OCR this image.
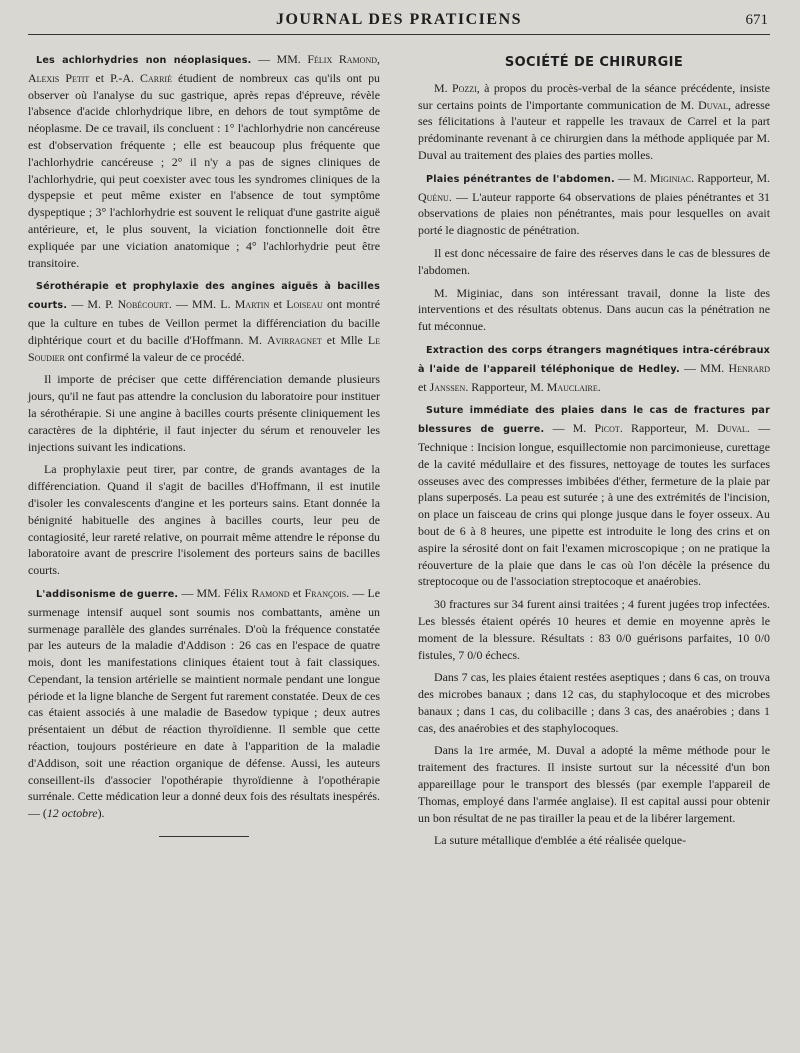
JOURNAL DES PRATICIENS	671

Les achlorhydries non néoplasiques. — MM. Félix Ramond, Alexis Petit et P.-A. Carrié étudient de nombreux cas qu'ils ont pu observer où l'analyse du suc gastrique, après repas d'épreuve, révèle l'absence d'acide chlorhydrique libre, en dehors de tout symptôme de néoplasme. De ce travail, ils concluent : 1° l'achlorhydrie non cancéreuse est d'observation fréquente ; elle est beaucoup plus fréquente que l'achlorhydrie cancéreuse ; 2° il n'y a pas de signes cliniques de l'achlorhydrie, qui peut coexister avec tous les syndromes cliniques de la dyspepsie et peut même exister en l'absence de tout symptôme dyspeptique ; 3° l'achlorhydrie est souvent le reliquat d'une gastrite aiguë antérieure, et, le plus souvent, la viciation fonctionnelle doit être expliquée par une viciation anatomique ; 4° l'achlorhydrie peut être transitoire.

Sérothérapie et prophylaxie des angines aiguës à bacilles courts. — M. P. Nobécourt. — MM. L. Martin et Loiseau ont montré que la culture en tubes de Veillon permet la différenciation du bacille diphtérique court et du bacille d'Hoffmann. M. Avirragnet et Mlle Le Soudier ont confirmé la valeur de ce procédé.

Il importe de préciser que cette différenciation demande plusieurs jours, qu'il ne faut pas attendre la conclusion du laboratoire pour instituer la sérothérapie. Si une angine à bacilles courts présente cliniquement les caractères de la diphtérie, il faut injecter du sérum et renouveler les injections suivant les indications.

La prophylaxie peut tirer, par contre, de grands avantages de la différenciation. Quand il s'agit de bacilles d'Hoffmann, il est inutile d'isoler les convalescents d'angine et les porteurs sains. Etant donnée la bénignité habituelle des angines à bacilles courts, leur peu de contagiosité, leur rareté relative, on pourrait même attendre le réponse du laboratoire avant de prescrire l'isolement des porteurs sains de bacilles courts.

L'addisonisme de guerre. — MM. Félix Ramond et François. — Le surmenage intensif auquel sont soumis nos combattants, amène un surmenage parallèle des glandes surrénales. D'où la fréquence constatée par les auteurs de la maladie d'Addison : 26 cas en l'espace de quatre mois, dont les manifestations cliniques étaient tout à fait classiques. Cependant, la tension artérielle se maintient normale pendant une longue période et la ligne blanche de Sergent fut rarement constatée. Deux de ces cas étaient associés à une maladie de Basedow typique ; deux autres présentaient un début de réaction thyroïdienne. Il semble que cette réaction, toujours postérieure en date à l'apparition de la maladie d'Addison, soit une réaction organique de défense. Aussi, les auteurs conseillent-ils d'associer l'opothérapie thyroïdienne à l'opothérapie surrénale. Cette médication leur a donné deux fois des résultats inespérés. — (12 octobre).

SOCIÉTÉ DE CHIRURGIE

M. Pozzi, à propos du procès-verbal de la séance précédente, insiste sur certains points de l'importante communication de M. Duval, adresse ses félicitations à l'auteur et rappelle les travaux de Carrel et la part prédominante revenant à ce chirurgien dans la méthode appliquée par M. Duval au traitement des plaies des parties molles.

Plaies pénétrantes de l'abdomen. — M. Miginiac. Rapporteur, M. Quénu. — L'auteur rapporte 64 observations de plaies pénétrantes et 31 observations de plaies non pénétrantes, mais pour lesquelles on avait porté le diagnostic de pénétration.

Il est donc nécessaire de faire des réserves dans le cas de blessures de l'abdomen.

M. Miginiac, dans son intéressant travail, donne la liste des interventions et des résultats obtenus. Dans aucun cas la pénétration ne fut méconnue.

Extraction des corps étrangers magnétiques intra-cérébraux à l'aide de l'appareil téléphonique de Hedley. — MM. Henrard et Janssen. Rapporteur, M. Mauclaire.

Suture immédiate des plaies dans le cas de fractures par blessures de guerre. — M. Picot. Rapporteur, M. Duval. — Technique : Incision longue, esquillectomie non parcimonieuse, curettage de la cavité médullaire et des fissures, nettoyage de toutes les surfaces osseuses avec des compresses imbibées d'éther, fermeture de la plaie par plans superposés. La peau est suturée ; à une des extrémités de l'incision, on place un faisceau de crins qui plonge jusque dans le foyer osseux. Au bout de 6 à 8 heures, une pipette est introduite le long des crins et on aspire la sérosité dont on fait l'examen microscopique ; on ne pratique la réouverture de la plaie que dans le cas où l'on décèle la présence du streptocoque ou de l'association streptocoque et anaérobies.

30 fractures sur 34 furent ainsi traitées ; 4 furent jugées trop infectées. Les blessés étaient opérés 10 heures et demie en moyenne après le moment de la blessure. Résultats : 83 0/0 guérisons parfaites, 10 0/0 fistules, 7 0/0 échecs.

Dans 7 cas, les plaies étaient restées aseptiques ; dans 6 cas, on trouva des microbes banaux ; dans 12 cas, du staphylocoque et des microbes banaux ; dans 1 cas, du colibacille ; dans 3 cas, des anaérobies ; dans 1 cas, des anaérobies et des staphylocoques.

Dans la 1re armée, M. Duval a adopté la même méthode pour le traitement des fractures. Il insiste surtout sur la nécessité d'un bon appareillage pour le transport des blessés (par exemple l'appareil de Thomas, employé dans l'armée anglaise). Il est capital aussi pour obtenir un bon résultat de ne pas tirailler la peau et de la libérer largement.

La suture métallique d'emblée a été réalisée quelque-
